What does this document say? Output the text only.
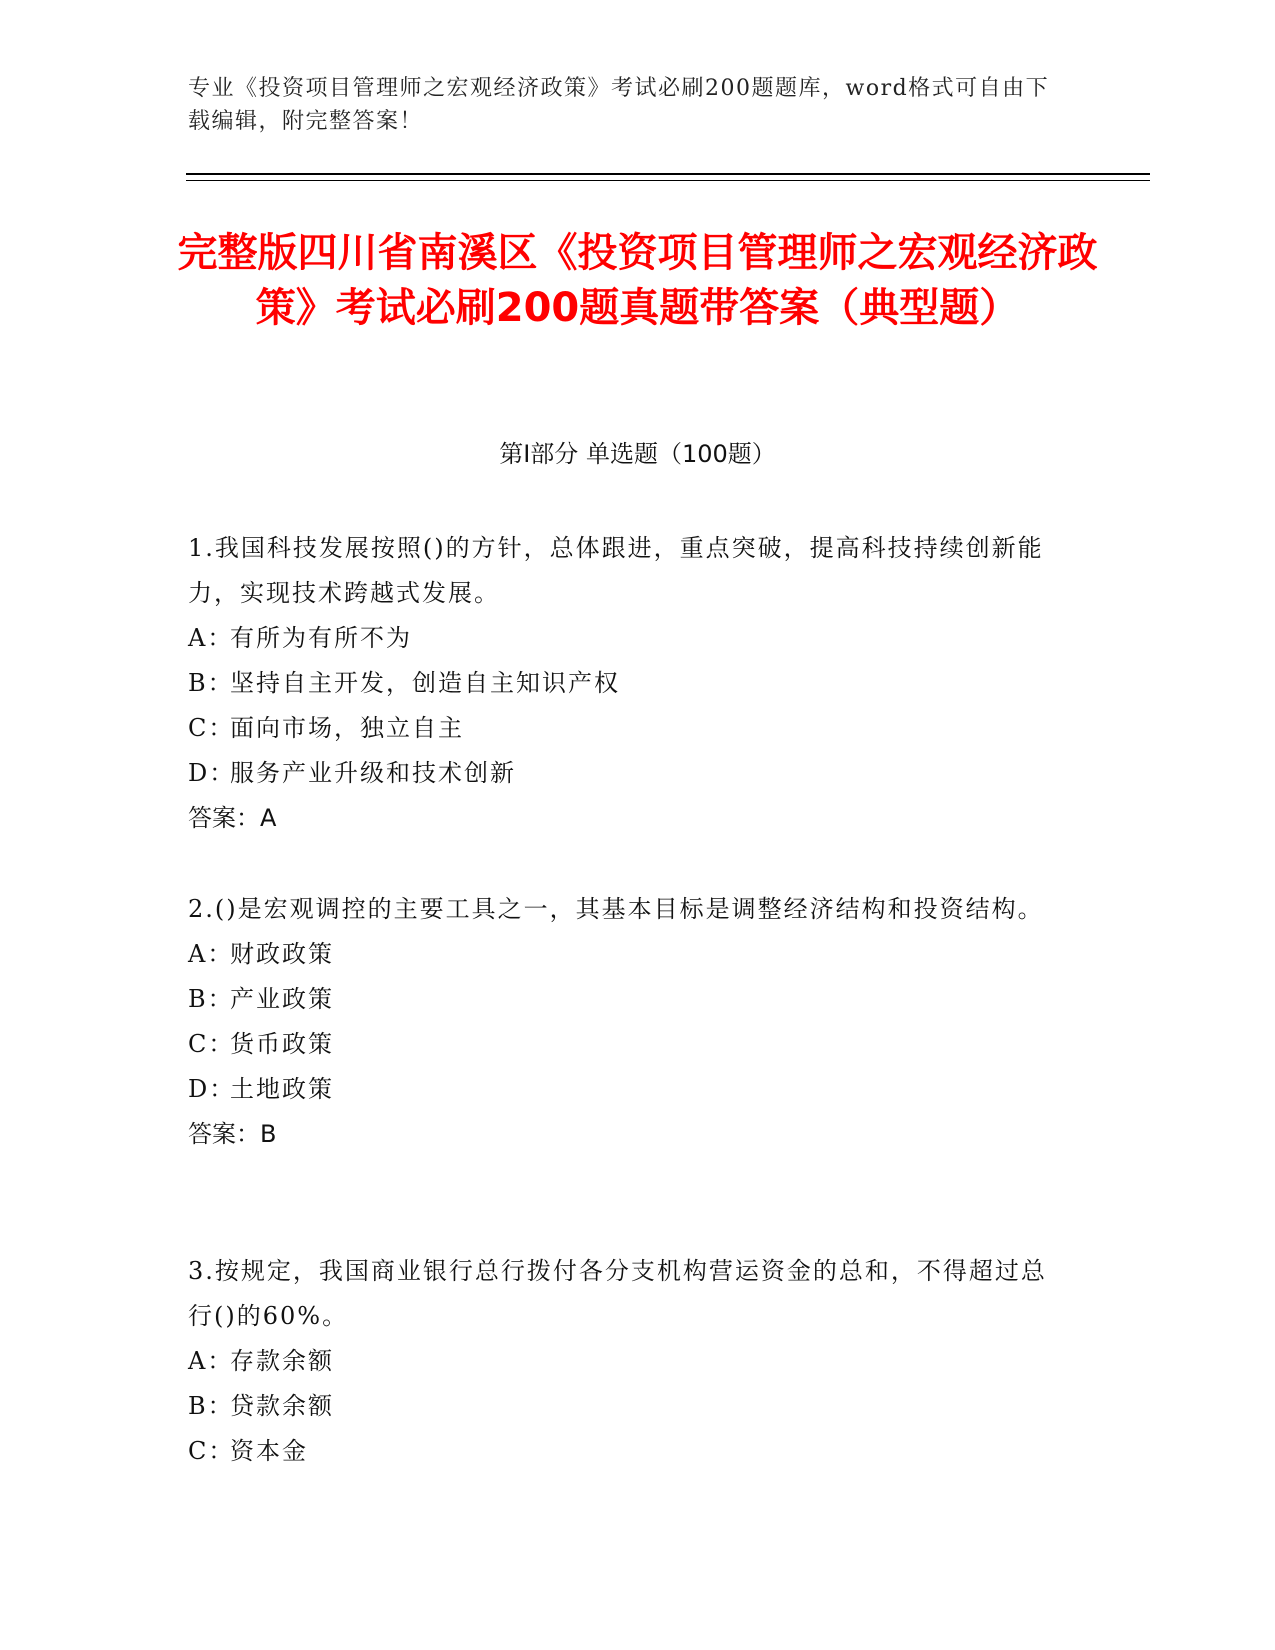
专业《投资项目管理师之宏观经济政策》考试必刷200题题库，word格式可自由下载编辑，附完整答案！
完整版四川省南溪区《投资项目管理师之宏观经济政策》考试必刷200题真题带答案（典型题）
第Ⅰ部分 单选题（100题）
1.我国科技发展按照()的方针，总体跟进，重点突破，提高科技持续创新能力，实现技术跨越式发展。
A：有所为有所不为
B：坚持自主开发，创造自主知识产权
C：面向市场，独立自主
D：服务产业升级和技术创新
答案：A
2.()是宏观调控的主要工具之一，其基本目标是调整经济结构和投资结构。
A：财政政策
B：产业政策
C：货币政策
D：土地政策
答案：B
3.按规定，我国商业银行总行拨付各分支机构营运资金的总和，不得超过总行()的60%。
A：存款余额
B：贷款余额
C：资本金
